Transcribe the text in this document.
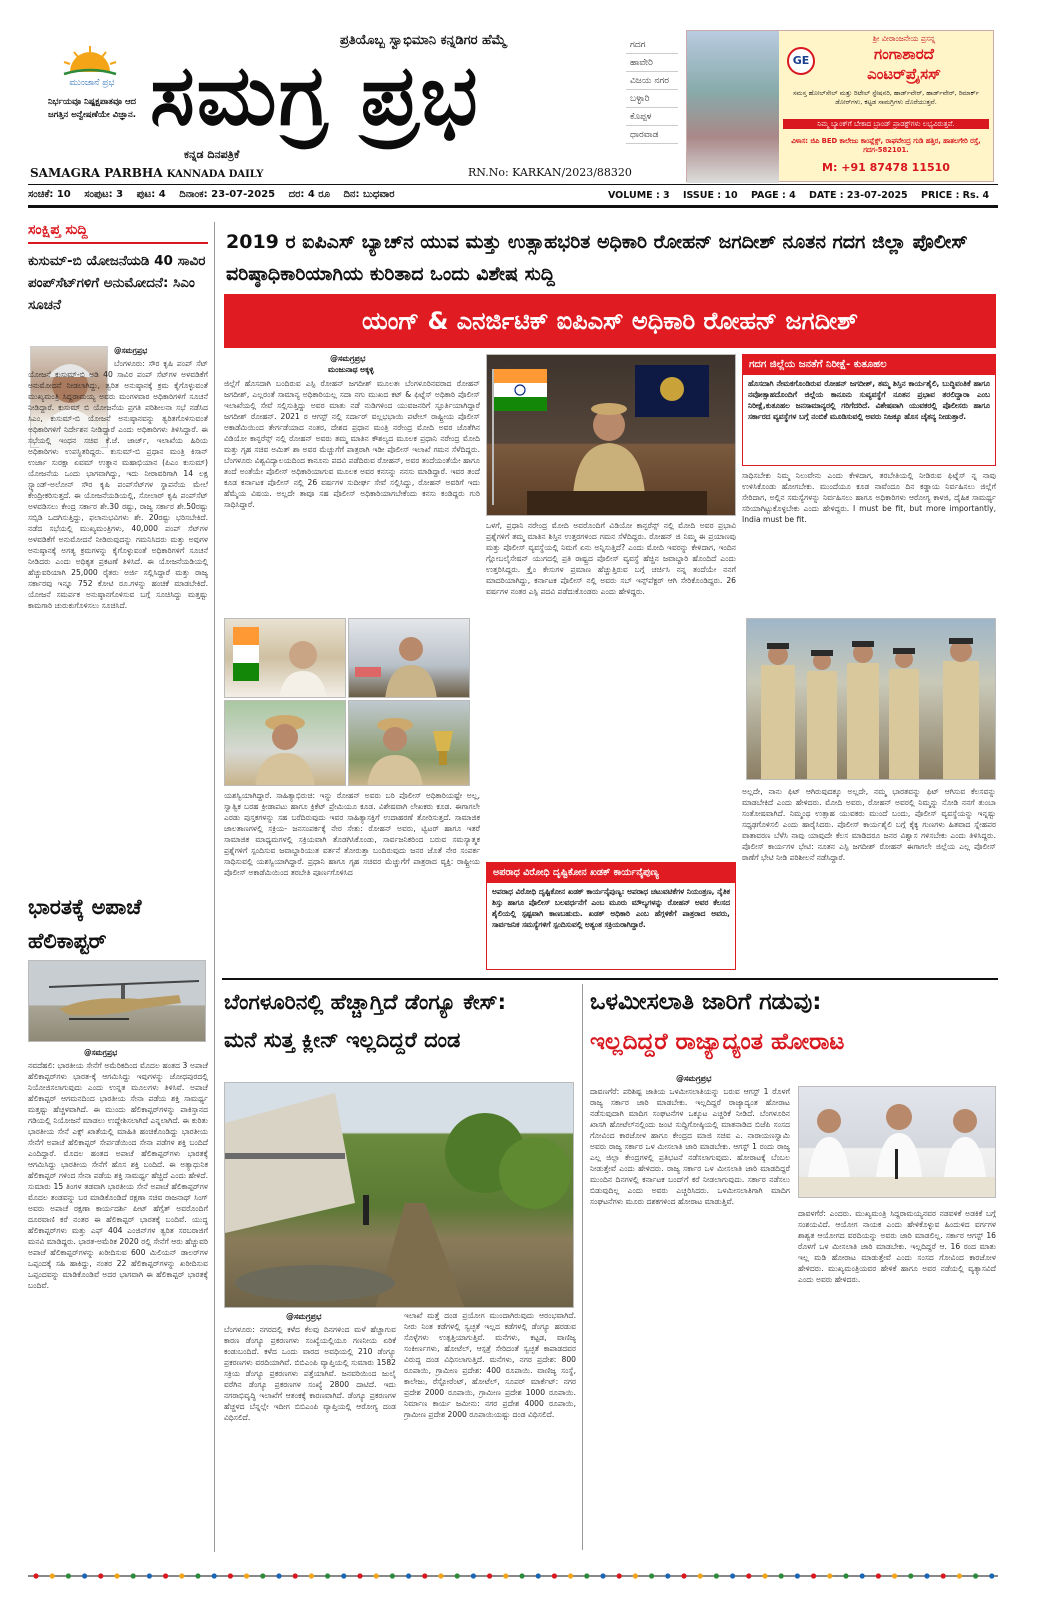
ಮುಂಜಾನೆ ಪ್ರಭ
ನಿರ್ಭಯವೂ ನಿಷ್ಪಕ್ಷಪಾತವೂ ಆದ ಜಗತ್ತಿನ ಅನ್ವೇಷಣೆಯೇ ವಿಜ್ಞಾನ.
ಪ್ರತಿಯೊಬ್ಬ ಸ್ವಾಭಿಮಾನಿ ಕನ್ನಡಿಗರ ಹೆಮ್ಮೆ
ಸಮಗ್ರ ಪ್ರಭ
ಕನ್ನಡ ದಿನಪತ್ರಿಕೆ
SAMAGRA PARBHA KANNADA DAILY	RN.No: KARKAN/2023/88320
ಗದಗ
ಹಾವೇರಿ
ವಿಜಯ ನಗರ
ಬಳ್ಳಾರಿ
ಕೊಪ್ಪಳ
ಧಾರವಾಡ
ಶ್ರೀ ವೀರಾಂಜನೇಯ ಪ್ರಸನ್ನ
GE	ಗಂಗಾಶಾರದೆ
ಎಂಟರ್‌ಪ್ರೈಸಸ್
ಸಮಸ್ತ ಹೋಲ್‌ಸೇಲ್ ಮತ್ತು ರಿಟೇಲ್ ಸ್ಟೇಷನರಿ, ಹಾರ್ಡ್‌ವೇರ್, ಹಾರ್ಡ್‌ವೇರ್‌, ರಿಮಾರ್ಕ್‌ ಡೋರ್‌ಗಳು, ಕಟ್ಟಡ ಸಾಮಗ್ರಿಗಳು ದೊರೆಯುತ್ತವೆ.
ನಿಮ್ಮ ಬ್ಯಾಂಕ್‌ಗೆ ಬೇಕಾದ ಬ್ರಾಂಡ್ ಪ್ರಾಡಕ್ಟ್‌ಗಳು ಲಭ್ಯವಿರುತ್ತವೆ.
ವಿಳಾಸ: ಜಿಪಿ BED ಕಾಲೇಜು ಕಾಂಪ್ಲೆಕ್ಸ್, ರಾಘವೇಂದ್ರ ಗುಡಿ ಹತ್ತಿರ, ಹಾತಲಗೇರಿ ರಸ್ತೆ, ಗದಗ-582101.
M: +91 87478 11510
ಸಂಚಿಕೆ: 10 ಸಂಪುಟ: 3 ಪುಟ: 4 ದಿನಾಂಕ: 23-07-2025 ದರ: 4 ರೂ ದಿನ: ಬುಧವಾರ	VOLUME : 3 ISSUE : 10 PAGE : 4 DATE : 23-07-2025 PRICE : Rs. 4
ಸಂಕ್ಷಿಪ್ತ ಸುದ್ದಿ
ಕುಸುಮ್-ಬಿ ಯೋಜನೆಯಡಿ 40 ಸಾವಿರ ಪಂಪ್‌ಸೆಟ್‌ಗಳಿಗೆ ಅನುಮೋದನೆ: ಸಿಎಂ ಸೂಚನೆ
@ಸಮಗ್ರಪ್ರಭ
ಬೆಂಗಳೂರು: ಸೌರ ಕೃಷಿ ಪಂಪ್ ಸೆಟ್ ಯೋಜನೆ ಕುಸುಮ್-ಬಿ ಅಡಿ 40 ಸಾವಿರ ಪಂಪ್ ಸೆಟ್‌ಗಳ ಅಳವಡಿಕೆಗೆ ಅನುಮೋದನೆ ನೀಡಲಾಗಿದ್ದು, ತ್ವರಿತ ಅನುಷ್ಠಾನಕ್ಕೆ ಕ್ರಮ ಕೈಗೊಳ್ಳುವಂತೆ ಮುಖ್ಯಮಂತ್ರಿ ಸಿದ್ದರಾಮಯ್ಯ ಅವರು ಮಂಗಳವಾರ ಅಧಿಕಾರಿಗಳಿಗೆ ಸೂಚನೆ ನೀಡಿದ್ದಾರೆ. ಕುಸುಮ್ ಬಿ ಯೋಜನೆಯ ಪ್ರಗತಿ ಪರಿಶೀಲನಾ ಸಭೆ ನಡೆಸಿದ ಸಿಎಂ, ಕುಸುಮ್-ಬಿ ಯೋಜನೆ ಅನುಷ್ಠಾನವನ್ನು ತ್ವರಿತಗೊಳಿಸುವಂತೆ ಅಧಿಕಾರಿಗಳಿಗೆ ನಿರ್ದೇಶನ ನೀಡಿದ್ದಾರೆ ಎಂದು ಅಧಿಕಾರಿಗಳು ತಿಳಿಸಿದ್ದಾರೆ. ಈ ಸಭೆಯಲ್ಲಿ ಇಂಧನ ಸಚಿವ ಕೆ.ಜೆ. ಜಾರ್ಜ್, ಇಲಾಖೆಯ ಹಿರಿಯ ಅಧಿಕಾರಿಗಳು ಉಪಸ್ಥಿತರಿದ್ದರು. ಕುಸುಮ್-ಬಿ ಪ್ರಧಾನ ಮಂತ್ರಿ ಕಿಸಾನ್ ಉರ್ಜಾ ಸುರಕ್ಷಾ ಏವಮ್ ಉತ್ಥಾನ ಮಹಾಭಿಯಾನ (ಪಿಎಂ ಕುಸುಮ್) ಯೋಜನೆಯ ಒಂದು ಭಾಗವಾಗಿದ್ದು, ಇದು ನೀರಾವರಿಗಾಗಿ 14 ಲಕ್ಷ ಸ್ಟ್ಯಾಂಡ್-ಅಲೋನ್ ಸೌರ ಕೃಷಿ ಪಂಪ್‌ಸೆಟ್‌ಗಳ ಸ್ಥಾಪನೆಯ ಮೇಲೆ ಕೇಂದ್ರೀಕರಿಸುತ್ತದೆ. ಈ ಯೋಜನೆಯಡಿಯಲ್ಲಿ, ಸೋಲಾರ್ ಕೃಷಿ ಪಂಪ್‌ಸೆಟ್ ಅಳವಡಿಸಲು ಕೇಂದ್ರ ಸರ್ಕಾರ ಶೇ.30 ರಷ್ಟು, ರಾಜ್ಯ ಸರ್ಕಾರ ಶೇ.50ರಷ್ಟು ಸಬ್ಸಿಡಿ ಒದಗಿಸುತ್ತಿದ್ದು, ಫಲಾನುಭವಿಗಳು ಶೇ. 20ರಷ್ಟು ಭರಿಸಬೇಕಿದೆ. ನಡೆದ ಸಭೆಯಲ್ಲಿ ಮುಖ್ಯಮಂತ್ರಿಗಳು, 40,000 ಪಂಪ್ ಸೆಟ್‌ಗಳ ಅಳವಡಿಕೆಗೆ ಅನುಮೋದನೆ ನೀಡಿರುವುದನ್ನು ಗಮನಿಸಿದರು ಮತ್ತು ಅವುಗಳ ಅನುಷ್ಠಾನಕ್ಕೆ ಅಗತ್ಯ ಕ್ರಮಗಳನ್ನು ಕೈಗೊಳ್ಳುವಂತೆ ಅಧಿಕಾರಿಗಳಿಗೆ ಸೂಚನೆ ನೀಡಿದರು ಎಂದು ಅಧಿಕೃತ ಪ್ರಕಟಣೆ ತಿಳಿಸಿದೆ. ಈ ಯೋಜನೆಯಡಿಯಲ್ಲಿ ಹೆಚ್ಚುವರಿಯಾಗಿ 25,000 ರೈತರು ಅರ್ಜಿ ಸಲ್ಲಿಸಿದ್ದಾರೆ ಮತ್ತು ರಾಜ್ಯ ಸರ್ಕಾರವು ಇನ್ನೂ 752 ಕೋಟಿ ರೂ.ಗಳನ್ನು ಹಂಚಿಕೆ ಮಾಡಬೇಕಿದೆ. ಯೋಜನೆ ಸಮರ್ಪಕ ಅನುಷ್ಠಾನಗೊಳಿಸುವ ಬಗ್ಗೆ ಸೂಚಿಸಿದ್ದು ಮತ್ತಷ್ಟು ಕಾಮಗಾರಿ ಚುರುಕುಗೊಳಿಸಲು ಸೂಚಿಸಿದೆ.
ಭಾರತಕ್ಕೆ ಅಪಾಚೆ ಹೆಲಿಕಾಪ್ಟರ್
@ಸಮಗ್ರಪ್ರಭ
ನವದೆಹಲಿ: ಭಾರತೀಯ ಸೇನೆಗೆ ಅಮೆರಿಕದಿಂದ ಮೊದಲ ಹಂತದ 3 ಅಪಾಚೆ ಹೆಲಿಕಾಪ್ಟರ್‌ಗಳು ಭಾರತ-ಕ್ಕೆ ಆಗಮಿಸಿದ್ದು ಇವುಗಳನ್ನು ಜೋಧಪುರದಲ್ಲಿ ನಿಯೋಜಿಸಲಾಗುವುದು ಎಂದು ಉನ್ನತ ಮೂಲಗಳು ತಿಳಿಸಿವೆ. ಅಪಾಚೆ ಹೆಲಿಕಾಪ್ಟರ್ ಆಗಮನದಿಂದ ಭಾರತೀಯ ಸೇನಾ ಪಡೆಯ ಶಕ್ತಿ ಸಾಮರ್ಥ್ಯ ಮತ್ತಷ್ಟು ಹೆಚ್ಚಳವಾಗಿದೆ. ಈ ಮುಂದು ಹೆಲಿಕಾಪ್ಟರ್‌ಗಳನ್ನು ಪಾಕಿಸ್ತಾನದ ಗಡಿಯಲ್ಲಿ ನಿಯೋಜನೆ ಮಾಡಲು ಉದ್ದೇಶಿಸಲಾಗಿದೆ ಎನ್ನಲಾಗಿದೆ. ಈ ಕುರಿತು ಭಾರತೀಯ ಸೇನೆ ಎಕ್ಸ್ ಖಾತೆಯಲ್ಲಿ ಮಾಹಿತಿ ಹಂಚಿಕೊಂಡಿದ್ದು ಭಾರತೀಯ ಸೇನೆಗೆ ಅಪಾಚೆ ಹೆಲಿಕಾಪ್ಟರ್ ಸೇರ್ಪಡೆಯಿಂದ ಸೇನಾ ಪಡೆಗಳ ಶಕ್ತಿ ಬಂದಿದೆ ಎಂದಿದ್ದಾರೆ. ಮೊದಲ ಹಂತದ ಅಪಾಚೆ ಹೆಲಿಕಾಪ್ಟರ್‌ಗಳು ಭಾರತಕ್ಕೆ ಆಗಮಿಸಿದ್ದು ಭಾರತೀಯ ಸೇನೆಗೆ ಹೊಸ ಶಕ್ತಿ ಬಂದಿದೆ. ಈ ಅತ್ಯಾಧುನಿಕ ಹೆಲಿಕಾಪ್ಟರ್ ಗಳಿಂದ ಸೇನಾ ಪಡೆಯ ಶಕ್ತಿ ಸಾಮರ್ಥ್ಯ ಹೆಚ್ಚಿದೆ ಎಂದು ಹೇಳಿದೆ. ಸುಮಾರು 15 ತಿಂಗಳ ತಡವಾಗಿ ಭಾರತೀಯ ಸೇನೆ ಅಪಾಚೆ ಹೆಲಿಕಾಪ್ಟರ್‌ಗಳ ಮೊದಲ ತಂಡವನ್ನು ಬರ ಮಾಡಿಕೊಂಡಿದೆ ರಕ್ಷಣಾ ಸಚಿವ ರಾಜನಾಥ್ ಸಿಂಗ್ ಅವರು ಅಪಾಚೆ ರಕ್ಷಣಾ ಕಾರ್ಯದರ್ಶಿ ಪೀಟ್ ಹೆಗ್ಸೆತ್ ಅವರೊಂದಿಗೆ ದೂರವಾಣಿ ಕರೆ ನಂತರ ಈ ಹೆಲಿಕಾಪ್ಟರ್ ಭಾರತಕ್ಕೆ ಬಂದಿವೆ. ಯುದ್ಧ ಹೆಲಿಕಾಪ್ಟರ್‌ಗಳು ಮತ್ತು ಎಫ್ 404 ಎಂಜಿನ್‌ಗಳ ತ್ವರಿತ ಸರಬರಾಜಿಗೆ ಮನವಿ ಮಾಡಿದ್ದರು. ಭಾರತ-ಅಮೆರಿಕ 2020 ರಲ್ಲಿ ಸೇನೆಗೆ ಆರು ಹೆಚ್ಚುವರಿ ಅಪಾಚೆ ಹೆಲಿಕಾಪ್ಟರ್‌ಗಳನ್ನು ಖರೀದಿಸುವ 600 ಮಿಲಿಯನ್ ಡಾಲರ್‌ಗಳ ಒಪ್ಪಂದಕ್ಕೆ ಸಹಿ ಹಾಕಿದ್ದು, ನಂತರ 22 ಹೆಲಿಕಾಪ್ಟರ್‌ಗಳನ್ನು ಖರೀದಿಸುವ ಒಪ್ಪಂದವನ್ನು ಮಾಡಿಕೊಂಡಿವೆ ಅದರ ಭಾಗವಾಗಿ ಈ ಹೆಲಿಕಾಪ್ಟರ್ ಭಾರತಕ್ಕೆ ಬಂದಿವೆ.
2019 ರ ಐಪಿಎಸ್ ಬ್ಯಾಚ್‌ನ ಯುವ ಮತ್ತು ಉತ್ಸಾಹಭರಿತ ಅಧಿಕಾರಿ ರೋಹನ್ ಜಗದೀಶ್ ನೂತನ ಗದಗ ಜಿಲ್ಲಾ ಪೊಲೀಸ್ ವರಿಷ್ಠಾಧಿಕಾರಿಯಾಗಿಯ ಕುರಿತಾದ ಒಂದು ವಿಶೇಷ ಸುದ್ದಿ
ಯಂಗ್ & ಎನರ್ಜಿಟಿಕ್ ಐಪಿಎಸ್ ಅಧಿಕಾರಿ ರೋಹನ್ ಜಗದೀಶ್
@ಸಮಗ್ರಪ್ರಭ
ಮಂಜುನಾಥ ಅಕ್ಕಳ್ಳಿ
ಜಿಲ್ಲೆಗೆ ಹೊಸದಾಗಿ ಬಂದಿರುವ ಎಸ್ಪಿ ರೋಹನ್ ಜಗದೀಶ್ ಮೂಲತಃ ಬೆಂಗಳೂರಿನವರಾದ ರೋಹನ್ ಜಗದೀಶ್, ಎಲ್ಲರಂತೆ ಸಾಮಾನ್ಯ ಅಧಿಕಾರಿಯಲ್ಲ ಸದಾ ನಗು ಮುಖದ ಕಟ್ & ಫಿಟ್ನೆಸ್ ಅಧಿಕಾರಿ ಪೊಲೀಸ್ ಇಲಾಖೆಯಲ್ಲಿ ಸೇವೆ ಸಲ್ಲಿಸುತ್ತಿದ್ದು ಅವರ ಮಾತು ನಡೆ ನುಡಿಗಳಿಂದ ಯುವಜನರಿಗೆ ಸ್ಫೂರ್ತಿಯಾಗಿದ್ದಾರೆ ಜಗದೀಶ್ ರೋಹನ್. 2021 ರ ಆಗಸ್ಟ್ ನಲ್ಲಿ ಸರ್ದಾರ್ ವಲ್ಲಭಭಾಯಿ ಪಟೇಲ್ ರಾಷ್ಟ್ರೀಯ ಪೊಲೀಸ್ ಅಕಾಡೆಮಿಯಿಂದ ತೇರ್ಗಡೆಯಾದ ನಂತರ, ದೇಶದ ಪ್ರಧಾನ ಮಂತ್ರಿ ನರೇಂದ್ರ ಮೋದಿ ಅವರ ಜೊತೆಗಿನ ವಿಡಿಯೋ ಕಾನ್ಫರೆನ್ಸ್ ನಲ್ಲಿ ರೋಹನ್ ಅವರು ತಮ್ಮ ಮಾತಿನ ಕೌಶಲ್ಯದ ಮೂಲಕ ಪ್ರಧಾನಿ ನರೇಂದ್ರ ಮೋದಿ ಮತ್ತು ಗೃಹ ಸಚಿವ ಅಮಿತ್ ಶಾ ಅವರ ಮೆಚ್ಚುಗೆಗೆ ಪಾತ್ರರಾಗಿ ಇಡೀ ಪೊಲೀಸ್ ಇಲಾಖೆ ಗಮನ ಸೆಳೆದಿದ್ದರು. ಬೆಂಗಳೂರು ವಿಶ್ವವಿದ್ಯಾಲಯದಿಂದ ಕಾನೂನು ಪದವಿ ಪಡೆದಿರುವ ರೋಹನ್, ಅವರ ತಂದೆಯಂತೆಯೇ ಹಾಗೂ ತಂದೆ ಅಂತೆಯೇ ಪೊಲೀಸ್ ಅಧಿಕಾರಿಯಾಗುವ ಮೂಲಕ ಅವರ ಕನಸನ್ನು ನನಸು ಮಾಡಿದ್ದಾರೆ. ಇವರ ತಂದೆ ಕೂಡ ಕರ್ನಾಟಕ ಪೊಲೀಸ್ ನಲ್ಲಿ 26 ವರ್ಷಗಳ ಸುದೀರ್ಘ ಸೇವೆ ಸಲ್ಲಿಸಿದ್ದು, ರೋಹನ್ ಅವರಿಗೆ ಇದು ಹೆಮ್ಮೆಯ ವಿಷಯ. ಅಲ್ಲದೇ ತಾವೂ ಸಹ ಪೊಲೀಸ್ ಅಧಿಕಾರಿಯಾಗಬೇಕೆಂದು ಕನಸು ಕಂಡಿದ್ದರು ಗುರಿ ಸಾಧಿಸಿದ್ದಾರೆ.
ಯಶಸ್ವಿಯಾಗಿದ್ದಾರೆ. ಸಾಹಿತ್ಯಾಭಿರುಚಿ: ಇನ್ನು ರೋಹನ್ ಅವರು ಬರಿ ಪೊಲೀಸ್ ಅಧಿಕಾರಿಯಷ್ಟೇ ಅಲ್ಲ, ಸ್ವಾತ್ವಿಕ ಬರಹ ಕ್ರೀಡಾಪಟು ಹಾಗೂ ಕ್ರಿಕೆಟ್ ಪ್ರೇಮಿಯೂ ಕೂಡ. ವಿಶೇಷವಾಗಿ ಲೇಖಕರು ಕೂಡ. ಈಗಾಗಲೇ ಎರಡು ಪುಸ್ತಕಗಳನ್ನು ಸಹ ಬರೆದಿರುವುದು ಇವರ ಸಾಹಿತ್ಯಾಸಕ್ತಿಗೆ ಉದಾಹರಣೆ ತೋರಿಸುತ್ತದೆ. ಸಾಮಾಜಿಕ ಜಾಲತಾಣಗಳಲ್ಲಿ ಸಕ್ರಿಯ- ಜನಸಂಪರ್ಕಕ್ಕೆ ನೇರ ಸೇತು: ರೋಹನ್ ಅವರು, ಟ್ವಿಟರ್ ಹಾಗೂ ಇತರೆ ಸಾಮಾಜಿಕ ಮಾಧ್ಯಮಗಳಲ್ಲಿ ಸಕ್ರಿಯವಾಗಿ ತೊಡಗಿಸಿಕೊಂಡು, ಸಾರ್ವಜನಿಕರಿಂದ ಬರುವ ಸಮಸ್ಯಾತ್ಮಕ ಪ್ರಶ್ನೆಗಳಿಗೆ ಸ್ಪಂದಿಸುವ ಜವಾಬ್ದಾರಿಯುತ ವರ್ತನೆ ತೋರುತ್ತಾ ಬಂದಿರುವುದು ಜನರ ಜೊತೆ ನೇರ ಸಂಪರ್ಕ ಸಾಧಿಸುವಲ್ಲಿ ಯಶಸ್ವಿಯಾಗಿದ್ದಾರೆ. ಪ್ರಧಾನಿ ಹಾಗೂ ಗೃಹ ಸಚಿವರ ಮೆಚ್ಚುಗೆಗೆ ಪಾತ್ರರಾದ ವ್ಯಕ್ತಿ: ರಾಷ್ಟ್ರೀಯ ಪೊಲೀಸ್ ಅಕಾಡೆಮಿಯಿಂದ ತರಬೇತಿ ಪೂರ್ಣಗೊಳಿಸಿದ
ಒಳಗೆ, ಪ್ರಧಾನಿ ನರೇಂದ್ರ ಮೋದಿ ಅವರೊಂದಿಗೆ ವಿಡಿಯೋ ಕಾನ್ಫರೆನ್ಸ್ ನಲ್ಲಿ ಮೋದಿ ಅವರ ಪ್ರಭಾವಿ ಪ್ರಶ್ನೆಗಳಿಗೆ ತಮ್ಮ ಮಾತಿನ ಶಿಸ್ತಿನ ಉತ್ತರಗಳಿಂದ ಗಮನ ಸೆಳೆದಿದ್ದರು. ರೋಹನ್ ಜಿ ನಿಮ್ಮ ಈ ಪ್ರಯಾಣವು ಮತ್ತು ಪೊಲೀಸ್ ವ್ಯವಸ್ಥೆಯಲ್ಲಿ ನಿಮಗೆ ಏನು ಅನ್ನಿಸುತ್ತಿದೆ? ಎಂದು ಮೋದಿ ಇವರನ್ನು ಕೇಳಿದಾಗ, ಇಂದಿನ ಗ್ಲೋಬಲೈಸೇಷನ್ ಯುಗದಲ್ಲಿ ಪ್ರತಿ ರಾಷ್ಟ್ರದ ಪೊಲೀಸ್ ವ್ಯವಸ್ಥೆ ಹೆಚ್ಚಿನ ಜವಾಬ್ದಾರಿ ಹೊಂದಿದೆ ಎಂದು ಉತ್ತರಿಸಿದ್ದರು. ಕ್ರೈಂ ಕೇಸುಗಳ ಪ್ರಮಾಣ ಹೆಚ್ಚುತ್ತಿರುವ ಬಗ್ಗೆ ಚರ್ಚಿಸಿ ನನ್ನ ತಂದೆಯೇ ನನಗೆ ಮಾದರಿಯಾಗಿದ್ದು, ಕರ್ನಾಟಕ ಪೊಲೀಸ್ ನಲ್ಲಿ ಅವರು ಸಬ್ ಇನ್ಸ್‌ಪೆಕ್ಟರ್ ಆಗಿ ಸೇರಿಕೊಂಡಿದ್ದರು. 26 ವರ್ಷಗಳ ನಂತರ ಎಸ್ಪಿ ಪದವಿ ಪಡೆದುಕೊಂಡರು ಎಂದು ಹೇಳಿದ್ದರು.
ಅಪರಾಧ ವಿರೋಧಿ ದೃಷ್ಟಿಕೋನ ಖಡಕ್ ಕಾರ್ಯನೈಪುಣ್ಯ
ಅಪರಾಧ ವಿರೋಧಿ ದೃಷ್ಟಿಕೋನ ಖಡಕ್ ಕಾರ್ಯನೈಪುಣ್ಯ: ಅಪರಾಧ ಚಟುವಟಿಕೆಗಳ ನಿಯಂತ್ರಣ, ನೈತಿಕ ಶಿಸ್ತು ಹಾಗೂ ಪೊಲೀಸ್ ಬಲವರ್ಧನೆಗೆ ಎಂಬ ಮೂರು ಮೌಲ್ಯಗಳನ್ನು ರೋಹನ್ ಅವರ ಕೆಲಸದ ಶೈಲಿಯಲ್ಲಿ ಸ್ಪಷ್ಟವಾಗಿ ಕಾಣಬಹುದು. ಖಡಕ್ ಅಧಿಕಾರಿ ಎಂಬ ಹೆಗ್ಗಳಿಕೆಗೆ ಪಾತ್ರರಾದ ಅವರು, ಸಾರ್ವಜನಿಕ ಸಮಸ್ಯೆಗಳಿಗೆ ಸ್ಪಂದಿಸುವಲ್ಲಿ ಅತ್ಯಂತ ಸಕ್ರಿಯರಾಗಿದ್ದಾರೆ.
ಗದಗ ಜಿಲ್ಲೆಯ ಜನತೆಗೆ ನಿರೀಕ್ಷೆ- ಕುತೂಹಲ
ಹೊಸದಾಗಿ ನೇಮಕಗೊಂಡಿರುವ ರೋಹನ್ ಜಗದೀಶ್, ತಮ್ಮ ಶಿಸ್ತಿನ ಕಾರ್ಯಶೈಲಿ, ಬುದ್ಧಿವಂತಿಕೆ ಹಾಗೂ ನವೋತ್ಸಾಹದೊಂದಿಗೆ ಜಿಲ್ಲೆಯ ಕಾನೂನು ಸುವ್ಯವಸ್ಥೆಗೆ ನೂತನ ಪ್ರಭಾವ ತರಲಿದ್ದಾರಾ ಎಂಬ ನಿರೀಕ್ಷೆ,ಕುತೂಹಲ ಜನಸಾಮಾನ್ಯರಲ್ಲಿ ಗರಿಗೆದರಿದೆ. ವಿಶೇಷವಾಗಿ ಯುವಕರಲ್ಲಿ ಪೊಲೀಸರು ಹಾಗೂ ಸರ್ಕಾರದ ವ್ಯವಸ್ಥೆಗಳ ಬಗ್ಗೆ ನಂಬಿಕೆ ಮೂಡಿಸುವಲ್ಲಿ ಅವರು ನಿಜಕ್ಕೂ ಹೊಸ ಚೈತನ್ಯ ನೀಡುತ್ತಾರೆ.
ಸಾಧಿಸಬೇಕು ನಿಮ್ಮ ನಿಲುವೇನು ಎಂದು ಕೇಳಿದಾಗ, ತರಬೇತಿಯಲ್ಲಿ ನೀಡಿರುವ ಫಿಟ್ನೆಸ್ ನ್ನ ನಾವು ಉಳಿಸಿಕೊಂಡು ಹೋಗಬೇಕು. ಮುಂದೆಯೂ ಕೂಡ ನಾವೆಂದೂ ದಿನ ಕಡ್ಡಾಯ ನಿರ್ವಹಿಸಲು ಜಿಲ್ಲೆಗೆ ಸೇರಿದಾಗ, ಅಲ್ಲಿನ ಸಮಸ್ಯೆಗಳನ್ನು ನಿರ್ವಹಿಸಲು ಹಾಗೂ ಅಧಿಕಾರಿಗಳು ಆರೋಗ್ಯ ಕಾಳಜಿ, ದೈಹಿಕ ಸಾಮರ್ಥ್ಯ ಸರಿಯಾಗಿಟ್ಟುಕೊಳ್ಳಬೇಕು ಎಂದು ಹೇಳಿದ್ದರು. I must be fit, but more importantly, India must be fit.
ಅಲ್ಲದೇ, ನಾನು ಫಿಟ್ ಆಗಿರುವುದಕ್ಕೂ ಅಲ್ಲದೇ, ನಮ್ಮ ಭಾರತವನ್ನು ಫಿಟ್ ಆಗಿಸುವ ಕೆಲಸವನ್ನು ಮಾಡಬೇಕಿದೆ ಎಂದು ಹೇಳಿದರು. ಮೋದಿ ಅವರು, ರೋಹನ್ ಅವರಲ್ಲಿ ನಿಮ್ಮನ್ನು ನೋಡಿ ನನಗೆ ತುಂಬಾ ಸಂತೋಷವಾಗಿದೆ. ನಿಮ್ಮಂಥ ಉತ್ಸಾಹ ಯುವಕರು ಮುಂದೆ ಬಂದು, ಪೊಲೀಸ್ ವ್ಯವಸ್ಥೆಯನ್ನು ಇನ್ನಷ್ಟು ಸಧೃಢಗೊಳಿಸಲಿ ಎಂದು ಹಾರೈಸಿದರು. ಪೊಲೀಸ್ ಕಾರ್ಯಶೈಲಿ ಬಗ್ಗೆ ಕೈಕ್ಯ ಗುಣಗಳು ಹಿತವಾದ ಸ್ನೇಹಪರ ವಾತಾವರಣ ಬೆಳೆಸಿ ನಾವು ಯಾವುದೇ ಕೆಲಸ ಮಾಡಿದರೂ ಜನರ ವಿಶ್ವಾಸ ಗಳಿಸಬೇಕು ಎಂದು ತಿಳಿಸಿದ್ದರು. ಪೊಲೀಸ್ ಕಾರ್ಯಗಳ ಭೇಟಿ: ನೂತನ ಎಸ್ಪಿ ಜಗದೀಶ್ ರೋಹನ್ ಈಗಾಗಲೇ ಜಿಲ್ಲೆಯ ಎಲ್ಲ ಪೊಲೀಸ್ ಠಾಣೆಗೆ ಭೇಟಿ ನೀಡಿ ಪರಿಶೀಲನೆ ನಡೆಸಿದ್ದಾರೆ.
ಬೆಂಗಳೂರಿನಲ್ಲಿ ಹೆಚ್ಚಾಗ್ತಿದೆ ಡೆಂಗ್ಯೂ ಕೇಸ್:
ಮನೆ ಸುತ್ತ ಕ್ಲೀನ್ ಇಲ್ಲದಿದ್ದರೆ ದಂಡ
@ಸಮಗ್ರಪ್ರಭ
ಬೆಂಗಳೂರು: ನಗರದಲ್ಲಿ ಕಳೆದ ಕೆಲವು ದಿನಗಳಿಂದ ಮಳೆ ಹೆಚ್ಚಾಗುವ ಕಾರಣ ಡೆಂಗ್ಯೂ ಪ್ರಕರಣಗಳು ಸಂಖ್ಯೆಯಲ್ಲಿಯೂ ಗಣನೀಯ ಏರಿಕೆ ಕಂಡುಬಂದಿದೆ. ಕಳೆದ ಒಂದು ವಾರದ ಅವಧಿಯಲ್ಲಿ 210 ಡೆಂಗ್ಯೂ ಪ್ರಕರಣಗಳು ವರದಿಯಾಗಿವೆ. ಬಿಬಿಎಂಪಿ ವ್ಯಾಪ್ತಿಯಲ್ಲಿ ಸುಮಾರು 1582 ಸಕ್ರಿಯ ಡೆಂಗ್ಯೂ ಪ್ರಕರಣಗಳು ಪತ್ತೆಯಾಗಿವೆ. ಜನವರಿಯಿಂದ ಜುಲೈ ವರೆಗಿನ ಡೆಂಗ್ಯೂ ಪ್ರಕರಣಗಳ ಸಂಖ್ಯೆ 2800 ದಾಟಿದೆ. ಇದು ನಗರಾಭಿವೃದ್ಧಿ ಇಲಾಖೆಗೆ ಆತಂಕಕ್ಕೆ ಕಾರಣವಾಗಿದೆ. ಡೆಂಗ್ಯೂ ಪ್ರಕರಣಗಳ ಹೆಚ್ಚಳದ ಬೆನ್ನಲ್ಲೇ ಇದೀಗ ಬಿಬಿಎಂಪಿ ವ್ಯಾಪ್ತಿಯಲ್ಲಿ ಆರೋಗ್ಯ ದಂಡ ವಿಧಿಸಲಿದೆ.
ಇಲಾಖೆ ಮತ್ತೆ ದಂಡ ಪ್ರಯೋಗ ಮುಂದಾಗಿರುವುದು ಆರಂಭವಾಗಿದೆ. ನೀರು ನಿಂತ ಕಡೆಗಳಲ್ಲಿ ಸ್ವಚ್ಛತೆ ಇಲ್ಲದ ಕಡೆಗಳಲ್ಲಿ ಡೆಂಗ್ಯೂ ಹರಡುವ ಸೊಳ್ಳೆಗಳು ಉತ್ಪತ್ತಿಯಾಗುತ್ತಿವೆ. ಮನೆಗಳು, ಕಟ್ಟಡ, ವಾಣಿಜ್ಯ ಸಂಕೀರ್ಣಗಳು, ಹೋಟೆಲ್, ಆಸ್ಪತ್ರೆ ಸೇರಿದಂತೆ ಸ್ವಚ್ಛತೆ ಕಾಪಾಡದವರ ವಿರುದ್ಧ ದಂಡ ವಿಧಿಸಲಾಗುತ್ತಿದೆ. ಮನೆಗಳು, ನಗರ ಪ್ರದೇಶ: 800 ರೂಪಾಯಿ, ಗ್ರಾಮೀಣ ಪ್ರದೇಶ: 400 ರೂಪಾಯಿ. ವಾಣಿಜ್ಯ ಸಂಸ್ಥೆ, ಕಾಲೇಜು, ರೆಸ್ಟೋರೆಂಟ್, ಹೋಟೆಲ್, ಸೂಪರ್ ಮಾರ್ಕೆಟ್: ನಗರ ಪ್ರದೇಶ 2000 ರೂಪಾಯಿ, ಗ್ರಾಮೀಣ ಪ್ರದೇಶ 1000 ರೂಪಾಯಿ. ನಿರ್ಮಾಣ ಕಾರ್ಯ ಜಮೀನು: ನಗರ ಪ್ರದೇಶ 4000 ರೂಪಾಯಿ, ಗ್ರಾಮೀಣ ಪ್ರದೇಶ 2000 ರೂಪಾಯಿಯಷ್ಟು ದಂಡ ವಿಧಿಸಲಿದೆ.
ಒಳಮೀಸಲಾತಿ ಜಾರಿಗೆ ಗಡುವು:
ಇಲ್ಲದಿದ್ದರೆ ರಾಜ್ಯಾದ್ಯಂತ ಹೋರಾಟ
@ಸಮಗ್ರಪ್ರಭ
ದಾವಣಗೆರೆ: ಪರಿಶಿಷ್ಟ ಜಾತಿಯ ಒಳಮೀಸಲಾತಿಯನ್ನು ಬರುವ ಆಗಸ್ಟ್ 1 ರೊಳಗೆ ರಾಜ್ಯ ಸರ್ಕಾರ ಜಾರಿ ಮಾಡಬೇಕು. ಇಲ್ಲದಿದ್ದರೆ ರಾಜ್ಯಾದ್ಯಂತ ಹೋರಾಟ ನಡೆಸುವುದಾಗಿ ಮಾದಿಗ ಸಂಘಟನೆಗಳ ಒಕ್ಕೂಟ ಎಚ್ಚರಿಕೆ ನೀಡಿದೆ. ಬೆಂಗಳೂರಿನ ಖಾಸಗಿ ಹೋಟೆಲ್‌ನಲ್ಲಿಂದು ಜಂಟಿ ಸುದ್ದಿಗೋಷ್ಠಿಯಲ್ಲಿ ಮಾತನಾಡಿದ ಬಿಜೆಪಿ ಸಂಸದ ಗೋವಿಂದ ಕಾರಜೋಳ ಹಾಗೂ ಕೇಂದ್ರದ ಮಾಜಿ ಸಚಿವ ಎ. ನಾರಾಯಣಸ್ವಾಮಿ ಅವರು ರಾಜ್ಯ ಸರ್ಕಾರ ಒಳ ಮೀಸಲಾತಿ ಜಾರಿ ಮಾಡಬೇಕು. ಆಗಸ್ಟ್ 1 ರಂದು ರಾಜ್ಯ ಎಲ್ಲ ಜಿಲ್ಲಾ ಕೇಂದ್ರಗಳಲ್ಲಿ ಪ್ರತಿಭಟನೆ ನಡೆಸಲಾಗುವುದು. ಹೋರಾಟಕ್ಕೆ ಬೆಂಬಲ ನೀಡುತ್ತೇವೆ ಎಂದು ಹೇಳಿದರು. ರಾಜ್ಯ ಸರ್ಕಾರ ಒಳ ಮೀಸಲಾತಿ ಜಾರಿ ಮಾಡದಿದ್ದರೆ ಮುಂದಿನ ದಿನಗಳಲ್ಲಿ ಕರ್ನಾಟಕ ಬಂದ್‌ಗೆ ಕರೆ ನೀಡಲಾಗುವುದು. ಸರ್ಕಾರ ನಡೆಸಲು ಬಿಡುವುದಿಲ್ಲ ಎಂದು ಅವರು ಎಚ್ಚರಿಸಿದರು. ಒಳಮೀಸಲಾತಿಗಾಗಿ ಮಾದಿಗ ಸಂಘಟನೆಗಳು ಮೂರು ದಶಕಗಳಿಂದ ಹೋರಾಟ ಮಾಡುತ್ತಿವೆ.
ದಾವಳಗೆರೆ: ಎಂದರು. ಮುಖ್ಯಮಂತ್ರಿ ಸಿದ್ದರಾಮಯ್ಯನವರ ನಡವಳಿಕೆ ಅಡಕಿಕೆ ಬಗ್ಗೆ ಸಂಶಯವಿದೆ. ಆಯೋಗ ನಾಯಕ ಎಂದು ಹೇಳಿಕೊಳ್ಳುವ ಹಿಂದುಳಿದ ವರ್ಗಗಳ ಶಾಶ್ವತ ಆಯೋಗದ ವರದಿಯನ್ನು ಅವರು ಜಾರಿ ಮಾಡಲಿಲ್ಲ. ಸರ್ಕಾರ ಆಗಸ್ಟ್ 16 ರೊಳಗೆ ಒಳ ಮೀಸಲಾತಿ ಜಾರಿ ಮಾಡಬೇಕು. ಇಲ್ಲದಿದ್ದರೆ ಆ. 16 ರಂದ ಮಾತು ಇಲ್ಲ ಮಡಿ ಹೋರಾಟ ಮಾಡುತ್ತೇವೆ ಎಂದು ಸಂಸದ ಗೋವಿಂದ ಕಾರಜೋಳ ಹೇಳಿದರು. ಮುಖ್ಯಮಂತ್ರಿಯವರ ಹೇಳಿಕೆ ಹಾಗೂ ಅವರ ನಡೆಯಲ್ಲಿ ವ್ಯತ್ಯಾಸವಿದೆ ಎಂದು ಅವರು ಹೇಳಿದರು.
